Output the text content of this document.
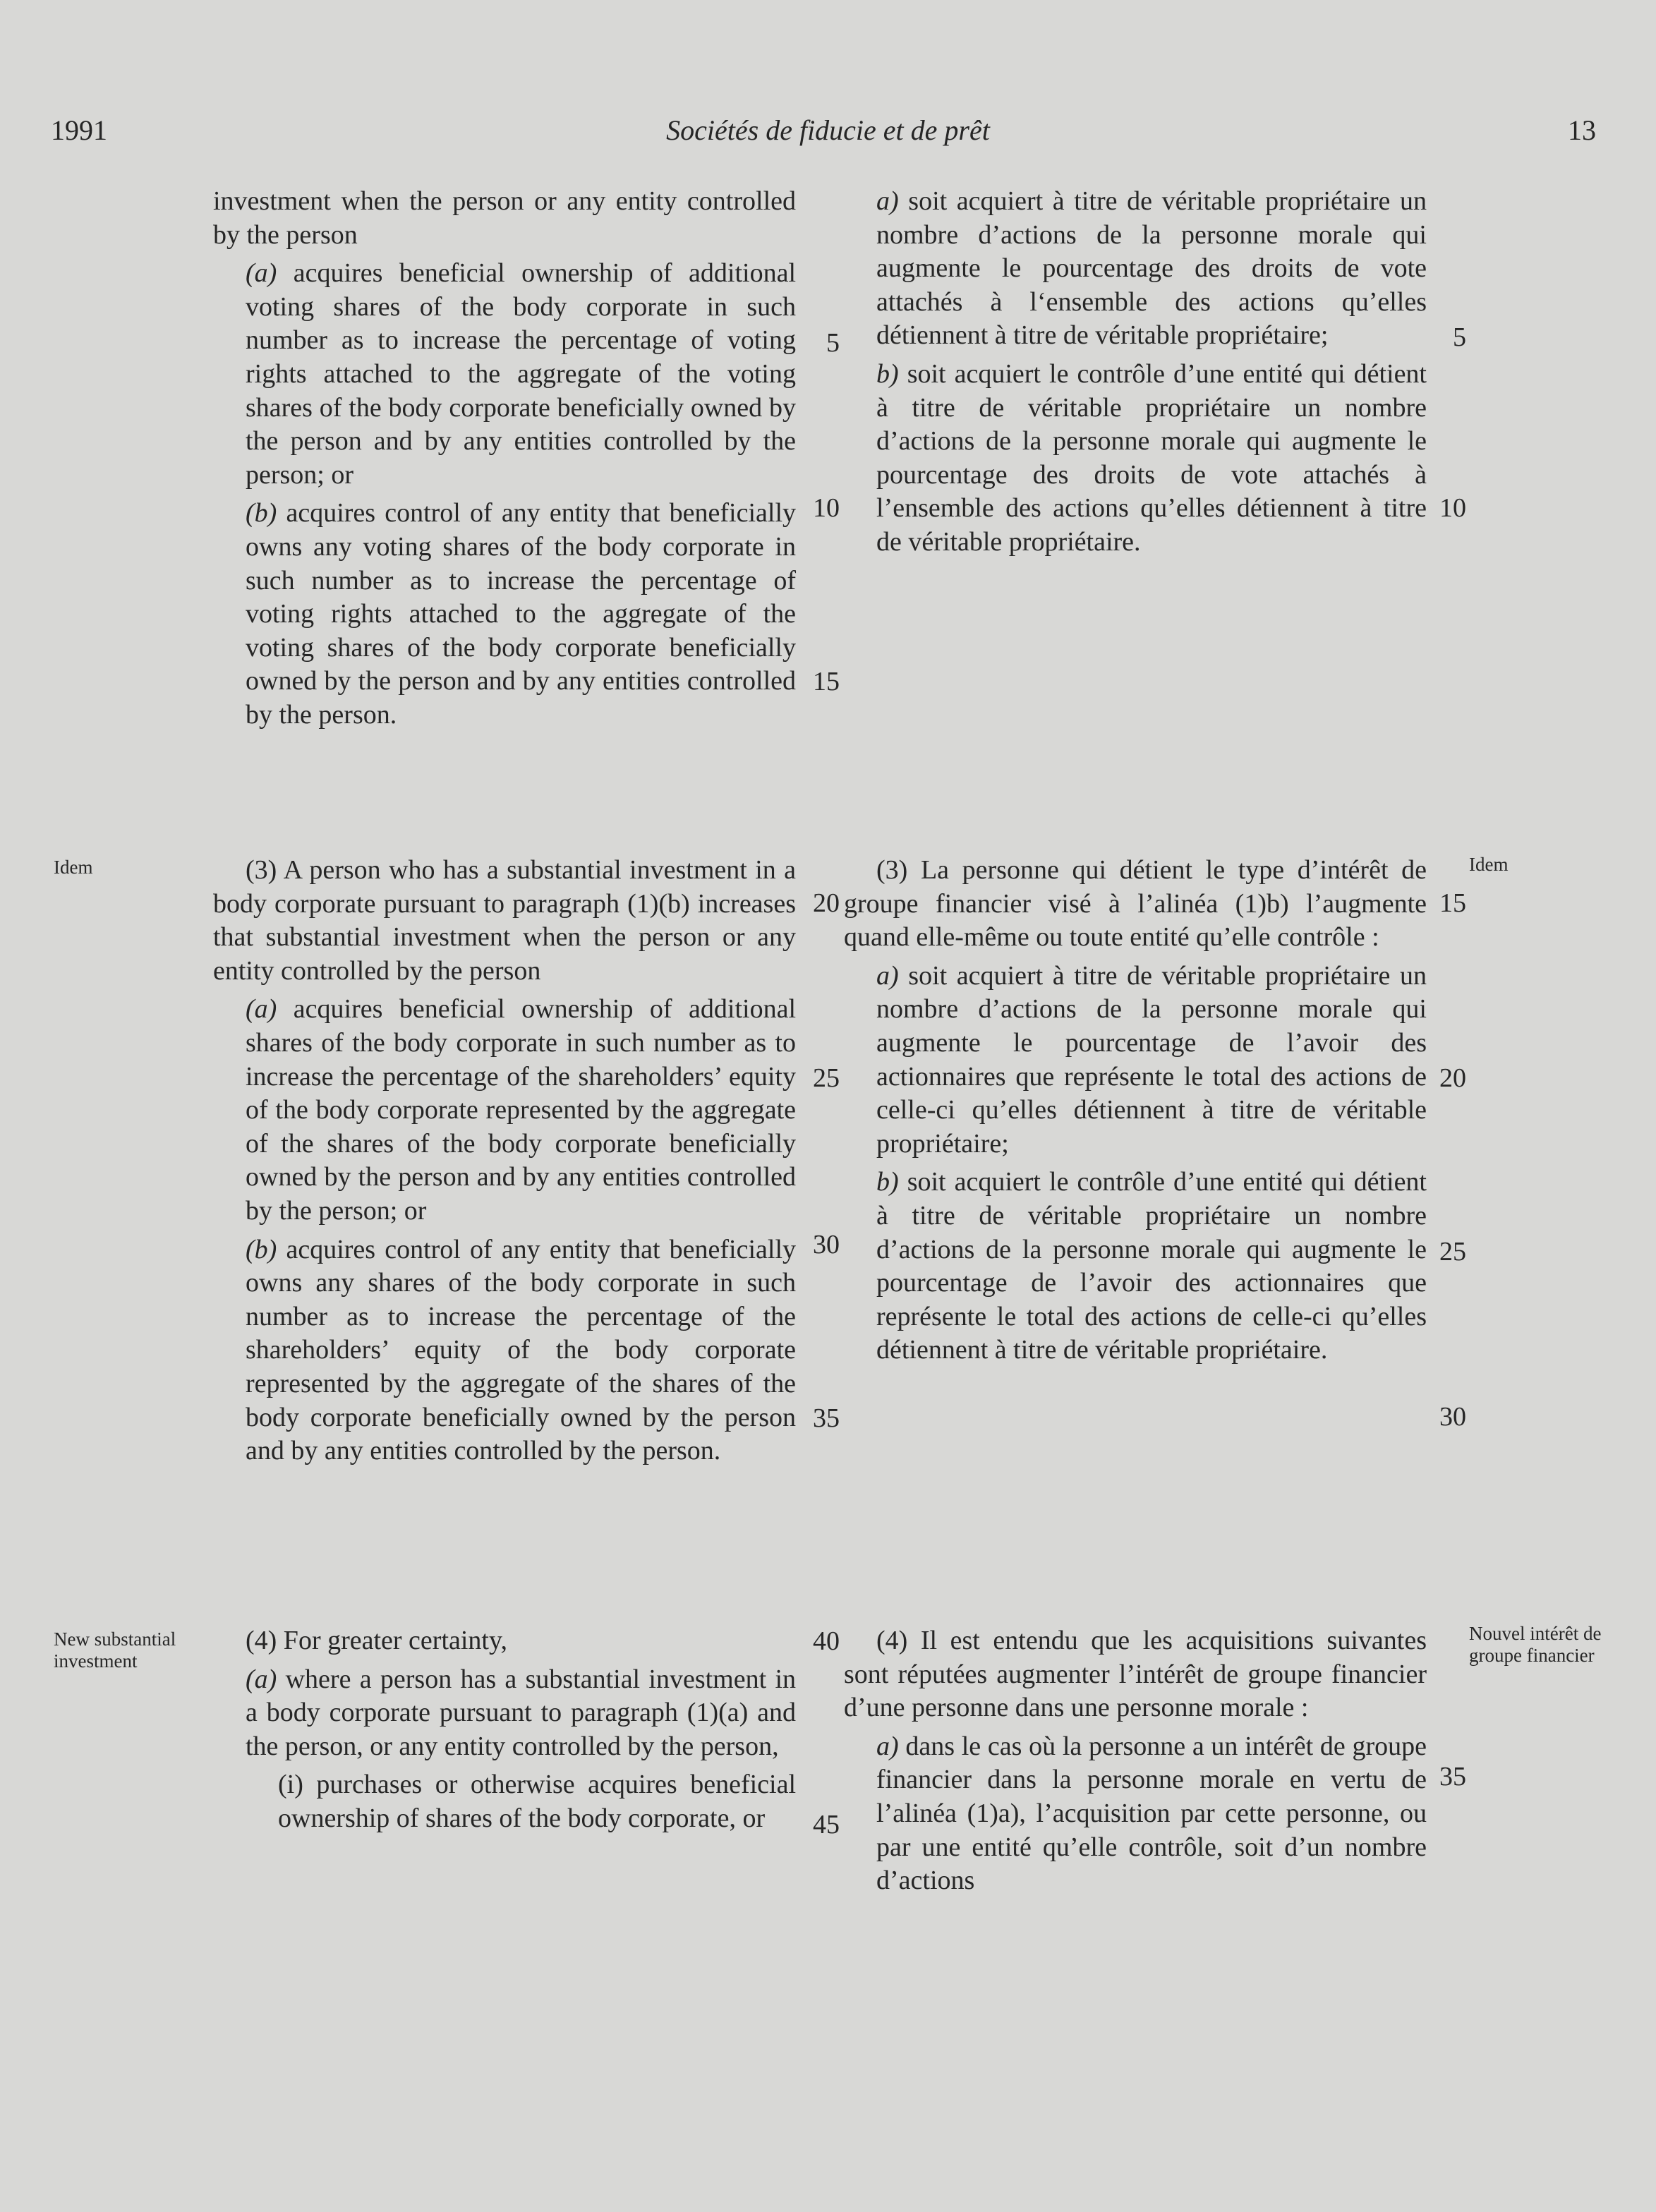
1991	Sociétés de fiducie et de prêt	13

investment when the person or any entity controlled by the person

(a) acquires beneficial ownership of additional voting shares of the body corporate in such number as to increase the percentage of voting rights attached to the aggregate of the voting shares of the body corporate beneficially owned by the person and by any entities controlled by the person; or

(b) acquires control of any entity that beneficially owns any voting shares of the body corporate in such number as to increase the percentage of voting rights attached to the aggregate of the voting shares of the body corporate beneficially owned by the person and by any entities controlled by the person.

a) soit acquiert à titre de véritable propriétaire un nombre d’actions de la personne morale qui augmente le pourcentage des droits de vote attachés à l‘ensemble des actions qu’elles détiennent à titre de véritable propriétaire;

b) soit acquiert le contrôle d’une entité qui détient à titre de véritable propriétaire un nombre d’actions de la personne morale qui augmente le pourcentage des droits de vote attachés à l’ensemble des actions qu’elles détiennent à titre de véritable propriétaire.

Idem	Idem

(3) A person who has a substantial investment in a body corporate pursuant to paragraph (1)(b) increases that substantial investment when the person or any entity controlled by the person

(a) acquires beneficial ownership of additional shares of the body corporate in such number as to increase the percentage of the shareholders’ equity of the body corporate represented by the aggregate of the shares of the body corporate beneficially owned by the person and by any entities controlled by the person; or

(b) acquires control of any entity that beneficially owns any shares of the body corporate in such number as to increase the percentage of the shareholders’ equity of the body corporate represented by the aggregate of the shares of the body corporate beneficially owned by the person and by any entities controlled by the person.

(3) La personne qui détient le type d’intérêt de groupe financier visé à l’alinéa (1)b) l’augmente quand elle-même ou toute entité qu’elle contrôle :

a) soit acquiert à titre de véritable propriétaire un nombre d’actions de la personne morale qui augmente le pourcentage de l’avoir des actionnaires que représente le total des actions de celle-ci qu’elles détiennent à titre de véritable propriétaire;

b) soit acquiert le contrôle d’une entité qui détient à titre de véritable propriétaire un nombre d’actions de la personne morale qui augmente le pourcentage de l’avoir des actionnaires que représente le total des actions de celle-ci qu’elles détiennent à titre de véritable propriétaire.

New substantial investment
Nouvel intérêt de groupe financier

(4) For greater certainty,

(a) where a person has a substantial investment in a body corporate pursuant to paragraph (1)(a) and the person, or any entity controlled by the person,

(i) purchases or otherwise acquires beneficial ownership of shares of the body corporate, or

(4) Il est entendu que les acquisitions suivantes sont réputées augmenter l’intérêt de groupe financier d’une personne dans une personne morale :

a) dans le cas où la personne a un intérêt de groupe financier dans la personne morale en vertu de l’alinéa (1)a), l’acquisition par cette personne, ou par une entité qu’elle contrôle, soit d’un nombre d’actions

5
10
15
20
25
30
35
40
45
5
10
15
20
25
30
35
